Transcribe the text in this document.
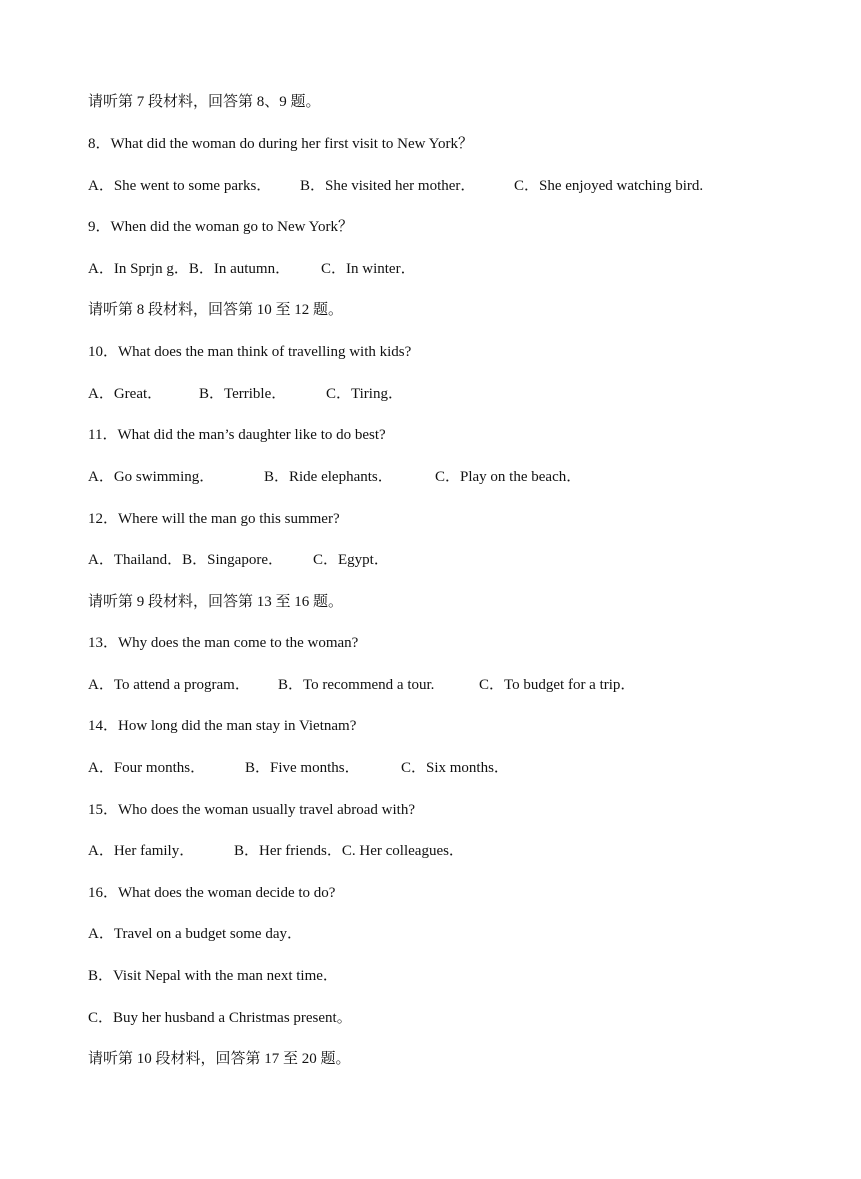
请听第 7 段材料，回答第 8、9 题。
8．What did the woman do during her first visit to New York？

A．She went to some parks．

B．She visited her mother．

	C．She enjoyed watching bird.

9．When did the woman go to New York？

A．In Sprjn g．B．In autumn．

C．In winter．

请听第 8 段材料，回答第 10 至 12 题。
10．What does the man think of travelling with kids?

A．Great．

B．Terrible．

	C．Tiring．

11．What did the man’s daughter like to do best?

A．Go swimming．

	B．Ride elephants．

	C．Play on the beach．

12．Where will the man go this summer?

A．Thailand．B．Singapore．

C．Egypt．

请听第 9 段材料，回答第 13 至 16 题。
13．Why does the man come to the woman?

A．To attend a program．

B．To recommend a tour.

	C．To budget for a trip．

14．How long did the man stay in Vietnam?

A．Four months．

	B．Five months．

	C．Six months．

15．Who does the woman usually travel abroad with?

A．Her family．

	B．Her friends．C. Her colleagues．

16．What does the woman decide to do?
A．Travel on a budget some day．
B．Visit Nepal with the man next time．
C．Buy her husband a Christmas present。
请听第 10 段材料，回答第 17 至 20 题。
